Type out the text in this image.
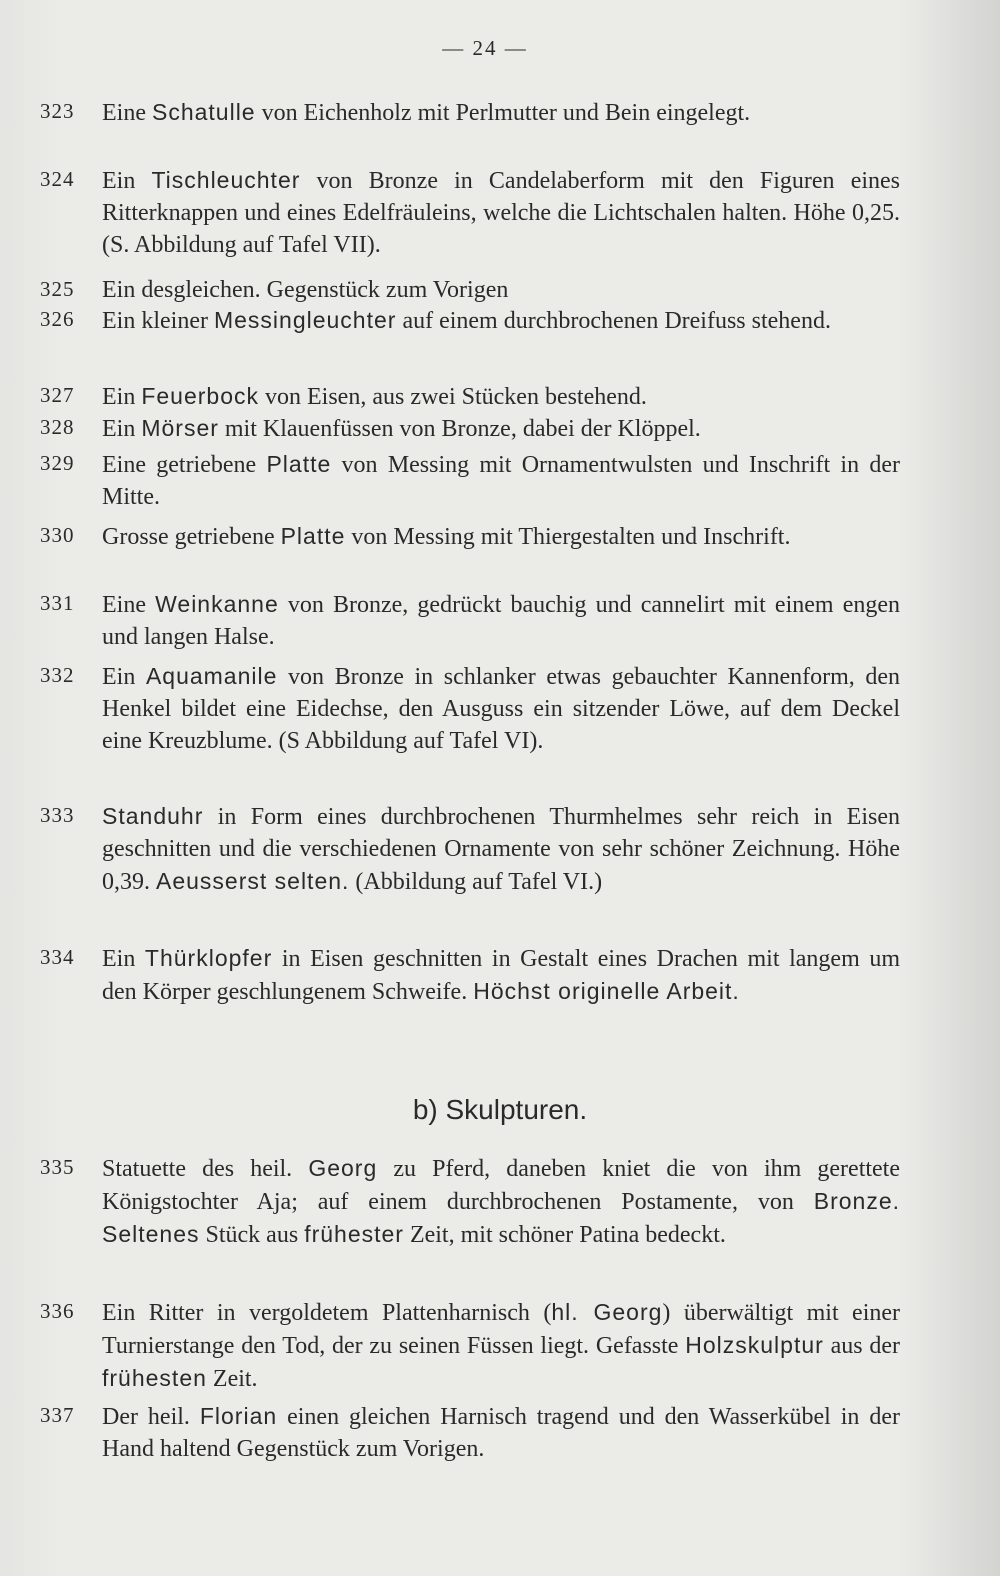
— 24 —
323	Eine Schatulle von Eichenholz mit Perlmutter und Bein eingelegt.
324	Ein Tischleuchter von Bronze in Candelaberform mit den Figuren eines Ritterknappen und eines Edelfräuleins, welche die Lichtschalen halten. Höhe 0,25. (S. Abbildung auf Tafel VII).
325	Ein desgleichen. Gegenstück zum Vorigen
326	Ein kleiner Messingleuchter auf einem durchbrochenen Dreifuss stehend.
327	Ein Feuerbock von Eisen, aus zwei Stücken bestehend.
328	Ein Mörser mit Klauenfüssen von Bronze, dabei der Klöppel.
329	Eine getriebene Platte von Messing mit Ornamentwulsten und Inschrift in der Mitte.
330	Grosse getriebene Platte von Messing mit Thiergestalten und Inschrift.
331	Eine Weinkanne von Bronze, gedrückt bauchig und cannelirt mit einem engen und langen Halse.
332	Ein Aquamanile von Bronze in schlanker etwas gebauchter Kannenform, den Henkel bildet eine Eidechse, den Ausguss ein sitzender Löwe, auf dem Deckel eine Kreuzblume. (S Abbildung auf Tafel VI).
333	Standuhr in Form eines durchbrochenen Thurmhelmes sehr reich in Eisen geschnitten und die verschiedenen Ornamente von sehr schöner Zeichnung. Höhe 0,39. Aeusserst selten. (Abbildung auf Tafel VI.)
334	Ein Thürklopfer in Eisen geschnitten in Gestalt eines Drachen mit langem um den Körper geschlungenem Schweife. Höchst originelle Arbeit.
335	Statuette des heil. Georg zu Pferd, daneben kniet die von ihm gerettete Königstochter Aja; auf einem durchbrochenen Postamente, von Bronze. Seltenes Stück aus frühester Zeit, mit schöner Patina bedeckt.
336	Ein Ritter in vergoldetem Plattenharnisch (hl. Georg) überwältigt mit einer Turnierstange den Tod, der zu seinen Füssen liegt. Gefasste Holzskulptur aus der frühesten Zeit.
337	Der heil. Florian einen gleichen Harnisch tragend und den Wasserkübel in der Hand haltend Gegenstück zum Vorigen.
b) Skulpturen.
